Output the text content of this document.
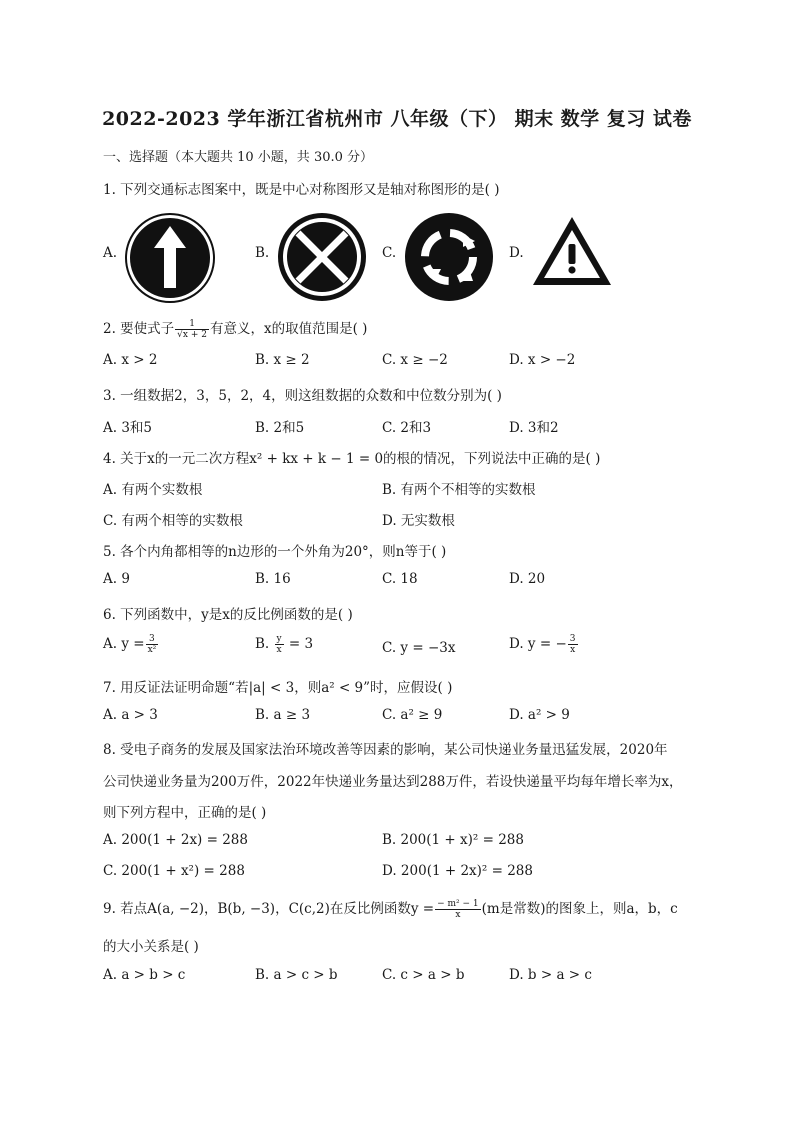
2022-2023 学年浙江省杭州市 八年级（下） 期末 数学 复习 试卷
一、选择题（本大题共 10 小题，共 30.0 分）
1. 下列交通标志图案中，既是中心对称图形又是轴对称图形的是( )
A.	B.	C.	D.
2. 要使式子 $\frac{1}{√x + 2}$ 有意义，x的取值范围是( )
A. x > 2	B. x ≥ 2	C. x ≥ −2	D. x > −2
3. 一组数据2，3，5，2，4，则这组数据的众数和中位数分别为( )
A. 3和5	B. 2和5	C. 2和3	D. 3和2
4. 关于x的一元二次方程x² + kx + k − 1 = 0的根的情况，下列说法中正确的是( )
A. 有两个实数根	B. 有两个不相等的实数根
C. 有两个相等的实数根	D. 无实数根
5. 各个内角都相等的n边形的一个外角为20°，则n等于( )
A. 9	B. 16	C. 18	D. 20
6. 下列函数中，y是x的反比例函数的是( )
A. $y = \frac{3}{\text{x²}}$	B. $\frac{y}{x} = 3$	C. y = −3x	D. y = − $\frac{3}{x}$
7. 用反证法证明命题“若|a| < 3，则a² < 9”时，应假设( )
A. a > 3	B. a ≥ 3	C. a² ≥ 9	D. a² > 9
8. 受电子商务的发展及国家法治环境改善等因素的影响，某公司快递业务量迅猛发展，2020年
公司快递业务量为200万件，2022年快递业务量达到288万件，若设快递量平均每年增长率为x，
则下列方程中，正确的是( )
A. 200(1 + 2x) = 288	B. 200(1 + x)² = 288
C. 200(1 + x²) = 288	D. 200(1 + 2x)² = 288
9. 若点A(a, −2)，B(b, −3)，C(c,2)在反比例函数$y = \frac{\text{− m² − 1}}{x} (m$是常数)的图象上，则a，b，c
的大小关系是( )
A. a > b > c	B. a > c > b	C. c > a > b	D. b > a > c
